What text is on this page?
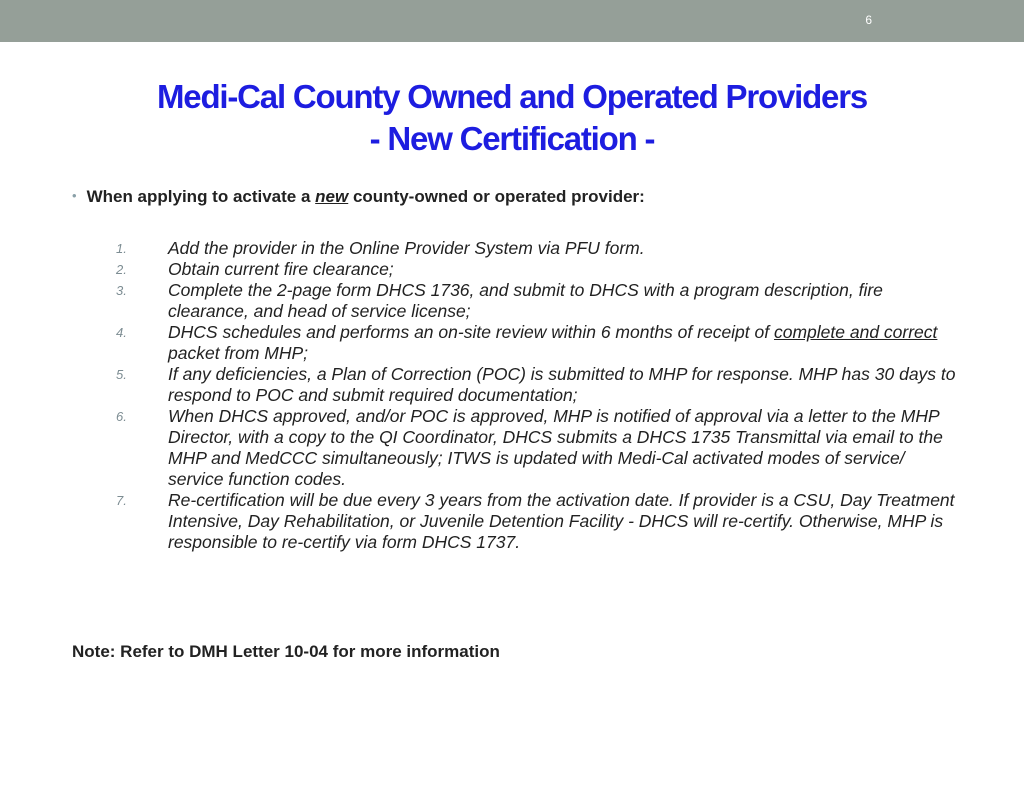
6
Medi-Cal County Owned and Operated Providers
- New Certification -
• When applying to activate a new county-owned or operated provider:
1. Add the provider in the Online Provider System via PFU form.
2. Obtain current fire clearance;
3. Complete the 2-page form DHCS 1736, and submit to DHCS with a program description, fire clearance, and head of service license;
4. DHCS schedules and performs an on-site review within 6 months of receipt of complete and correct packet from MHP;
5. If any deficiencies, a Plan of Correction (POC) is submitted to MHP for response. MHP has 30 days to respond to POC and submit required documentation;
6. When DHCS approved, and/or POC is approved, MHP is notified of approval via a letter to the MHP Director, with a copy to the QI Coordinator, DHCS submits a DHCS 1735 Transmittal via email to the MHP and MedCCC simultaneously; ITWS is updated with Medi-Cal activated modes of service/ service function codes.
7. Re-certification will be due every 3 years from the activation date. If provider is a CSU, Day Treatment Intensive, Day Rehabilitation, or Juvenile Detention Facility - DHCS will re-certify. Otherwise, MHP is responsible to re-certify via form DHCS 1737.
Note: Refer to DMH Letter 10-04 for more information
